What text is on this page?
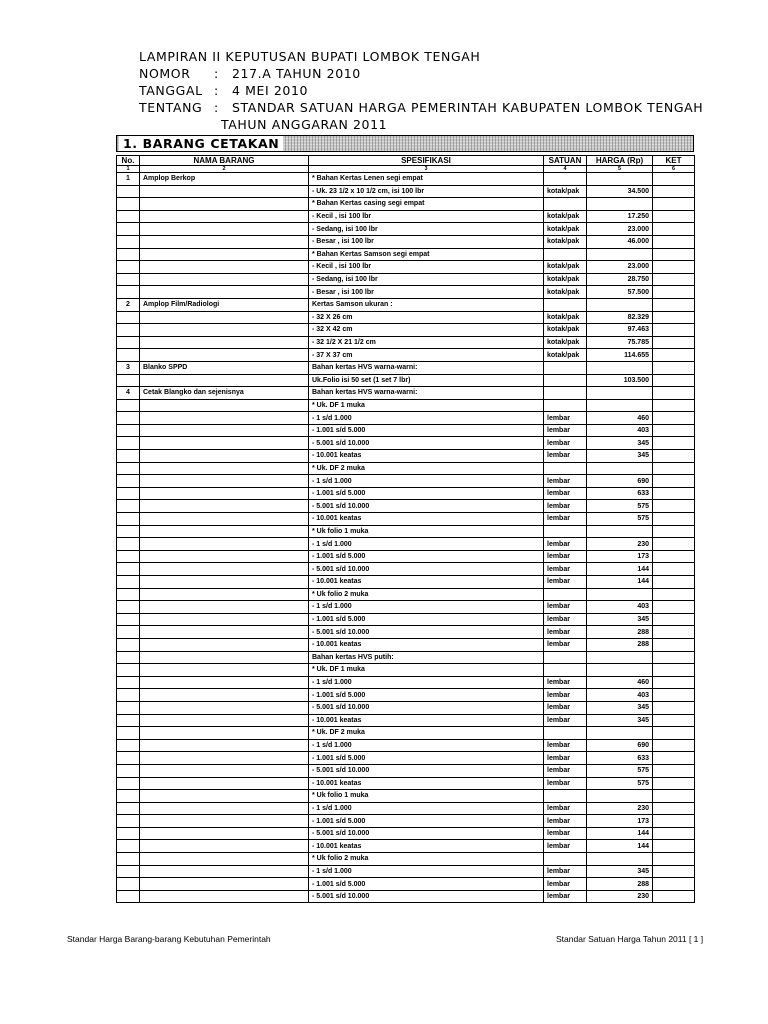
LAMPIRAN II KEPUTUSAN BUPATI LOMBOK TENGAH
NOMOR	:	217.A TAHUN 2010
TANGGAL :	4 MEI 2010
TENTANG :	STANDAR SATUAN HARGA PEMERINTAH KABUPATEN LOMBOK TENGAH
TAHUN ANGGARAN 2011
1. BARANG CETAKAN
No.	NAMA BARANG	SPESIFIKASI	SATUAN	HARGA (Rp)	KET
1	2	3	4	5	6
1	Amplop Berkop	* Bahan Kertas Lenen segi empat			
		- Uk. 23 1/2 x 10 1/2 cm, isi 100 lbr	kotak/pak	34.500	
		* Bahan Kertas casing segi empat			
		- Kecil , isi 100 lbr	kotak/pak	17.250	
		- Sedang, isi 100 lbr	kotak/pak	23.000	
		- Besar , isi 100 lbr	kotak/pak	46.000	
		* Bahan Kertas Samson segi empat			
		- Kecil , isi 100 lbr	kotak/pak	23.000	
		- Sedang, isi 100 lbr	kotak/pak	28.750	
		- Besar , isi 100 lbr	kotak/pak	57.500	
2	Amplop Film/Radiologi	Kertas Samson ukuran :			
		- 32 X 26 cm	kotak/pak	82.329	
		- 32 X 42 cm	kotak/pak	97.463	
		- 32 1/2 X 21 1/2 cm	kotak/pak	75.785	
		- 37 X 37 cm	kotak/pak	114.655	
3	Blanko SPPD	Bahan kertas HVS warna-warni:			
		Uk.Folio isi 50 set (1 set 7 lbr)		103.500	
4	Cetak Blangko dan sejenisnya	Bahan kertas HVS warna-warni:			
		* Uk. DF 1 muka			
		- 1 s/d 1.000	lembar	460	
		- 1.001 s/d 5.000	lembar	403	
		- 5.001 s/d 10.000	lembar	345	
		- 10.001 keatas	lembar	345	
		* Uk. DF 2 muka			
		- 1 s/d 1.000	lembar	690	
		- 1.001 s/d 5.000	lembar	633	
		- 5.001 s/d 10.000	lembar	575	
		- 10.001 keatas	lembar	575	
		* Uk folio 1 muka			
		- 1 s/d 1.000	lembar	230	
		- 1.001 s/d 5.000	lembar	173	
		- 5.001 s/d 10.000	lembar	144	
		- 10.001 keatas	lembar	144	
		* Uk folio 2 muka			
		- 1 s/d 1.000	lembar	403	
		- 1.001 s/d 5.000	lembar	345	
		- 5.001 s/d 10.000	lembar	288	
		- 10.001 keatas	lembar	288	
		Bahan kertas HVS putih:			
		* Uk. DF 1 muka			
		- 1 s/d 1.000	lembar	460	
		- 1.001 s/d 5.000	lembar	403	
		- 5.001 s/d 10.000	lembar	345	
		- 10.001 keatas	lembar	345	
		* Uk. DF 2 muka			
		- 1 s/d 1.000	lembar	690	
		- 1.001 s/d 5.000	lembar	633	
		- 5.001 s/d 10.000	lembar	575	
		- 10.001 keatas	lembar	575	
		* Uk folio 1 muka			
		- 1 s/d 1.000	lembar	230	
		- 1.001 s/d 5.000	lembar	173	
		- 5.001 s/d 10.000	lembar	144	
		- 10.001 keatas	lembar	144	
		* Uk folio 2 muka			
		- 1 s/d 1.000	lembar	345	
		- 1.001 s/d 5.000	lembar	288	
		- 5.001 s/d 10.000	lembar	230	
Standar Harga Barang-barang Kebutuhan Pemerintah	Standar Satuan Harga Tahun 2011 [ 1 ]
